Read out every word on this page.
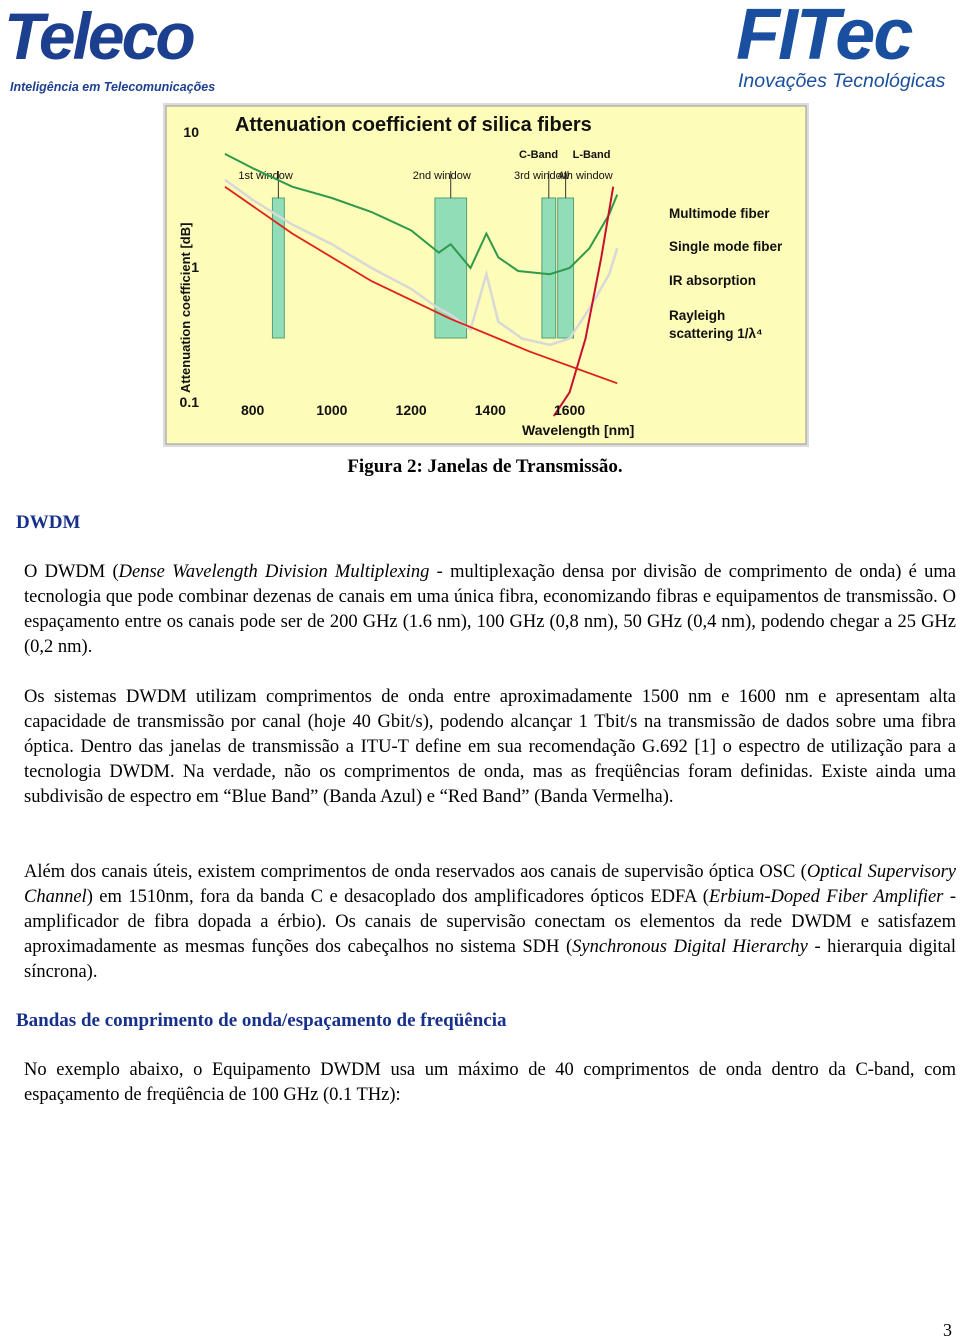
Teleco
Inteligência em Telecomunicações
FITec
Inovações Tecnológicas
Attenuation coefficient of silica fibers
1st window	2nd window	3rd window
4th window
C-Band L-Band
10
1
0.1	800	1000	1200	1400	1600
Wavelength [nm]
Attenuation coefficient [dB]
Multimode fiber
Single mode fiber
IR absorption
Rayleigh
scattering 1/λ⁴
Figura 2: Janelas de Transmissão.
DWDM
O DWDM (Dense Wavelength Division Multiplexing - multiplexação densa por divisão de comprimento de onda) é uma tecnologia que pode combinar dezenas de canais em uma única fibra, economizando fibras e equipamentos de transmissão. O espaçamento entre os canais pode ser de 200 GHz (1.6 nm), 100 GHz (0,8 nm), 50 GHz (0,4 nm), podendo chegar a 25 GHz (0,2 nm).
Os sistemas DWDM utilizam comprimentos de onda entre aproximadamente 1500 nm e 1600 nm e apresentam alta capacidade de transmissão por canal (hoje 40 Gbit/s), podendo alcançar 1 Tbit/s na transmissão de dados sobre uma fibra óptica. Dentro das janelas de transmissão a ITU-T define em sua recomendação G.692 [1] o espectro de utilização para a tecnologia DWDM. Na verdade, não os comprimentos de onda, mas as freqüências foram definidas. Existe ainda uma subdivisão de espectro em “Blue Band” (Banda Azul) e “Red Band” (Banda Vermelha).
Além dos canais úteis, existem comprimentos de onda reservados aos canais de supervisão óptica OSC (Optical Supervisory Channel) em 1510nm, fora da banda C e desacoplado dos amplificadores ópticos EDFA (Erbium-Doped Fiber Amplifier - amplificador de fibra dopada a érbio). Os canais de supervisão conectam os elementos da rede DWDM e satisfazem aproximadamente as mesmas funções dos cabeçalhos no sistema SDH (Synchronous Digital Hierarchy - hierarquia digital síncrona).
Bandas de comprimento de onda/espaçamento de freqüência
No exemplo abaixo, o Equipamento DWDM usa um máximo de 40 comprimentos de onda dentro da C-band, com espaçamento de freqüência de 100 GHz (0.1 THz):
3
